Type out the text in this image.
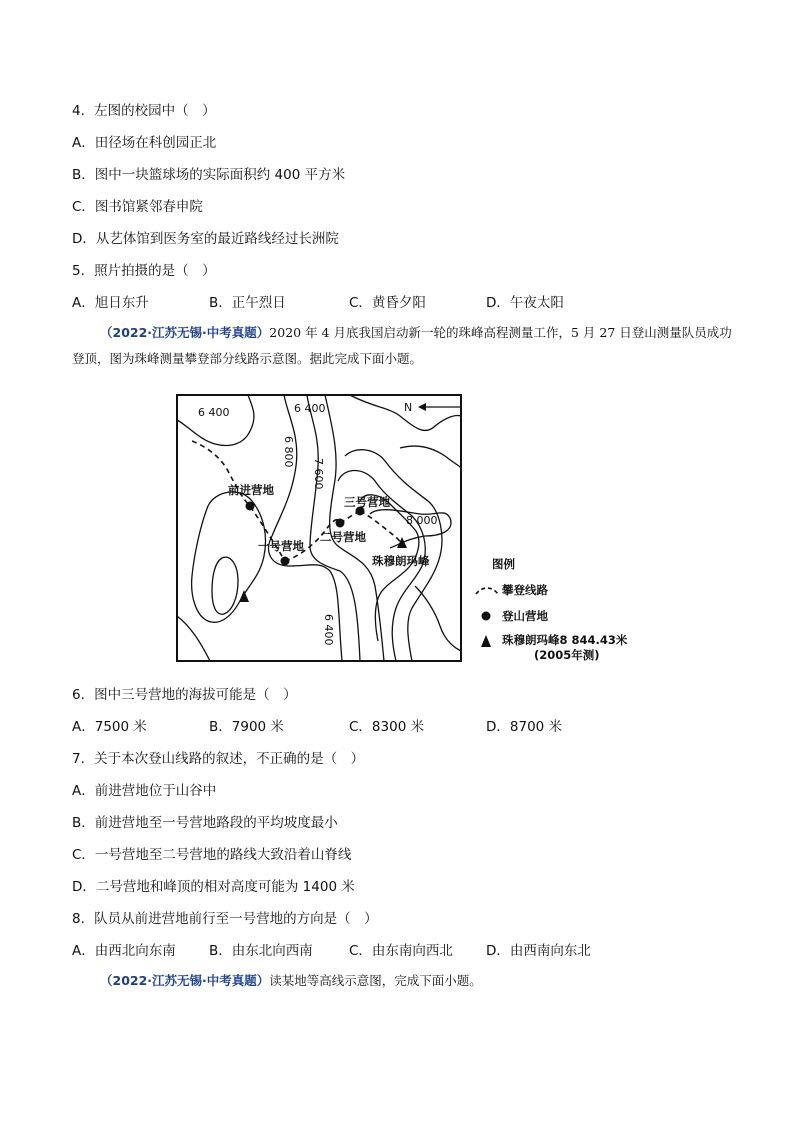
4．左图的校园中（　）
A．田径场在科创园正北
B．图中一块篮球场的实际面积约 400 平方米
C．图书馆紧邻春申院
D．从艺体馆到医务室的最近路线经过长洲院
5．照片拍摄的是（　）
A．旭日东升	B．正午烈日	C．黄昏夕阳	D．午夜太阳
（2022·江苏无锡·中考真题）2020 年 4 月底我国启动新一轮的珠峰高程测量工作，5 月 27 日登山测量队员成功登顶，图为珠峰测量攀登部分线路示意图。据此完成下面小题。
6 400	6 400
6 800
7 600
8 000
6 400
N
前进营地
一号营地
二号营地
三号营地
珠穆朗玛峰	图例
攀登线路
登山营地
珠穆朗玛峰8 844.43米
(2005年测)
6．图中三号营地的海拔可能是（　）
A．7500 米	B．7900 米	C．8300 米	D．8700 米
7．关于本次登山线路的叙述，不正确的是（　）
A．前进营地位于山谷中
B．前进营地至一号营地路段的平均坡度最小
C．一号营地至二号营地的路线大致沿着山脊线
D．二号营地和峰顶的相对高度可能为 1400 米
8．队员从前进营地前行至一号营地的方向是（　）
A．由西北向东南 B．由东北向西南	C．由东南向西北 D．由西南向东北
（2022·江苏无锡·中考真题）读某地等高线示意图，完成下面小题。
